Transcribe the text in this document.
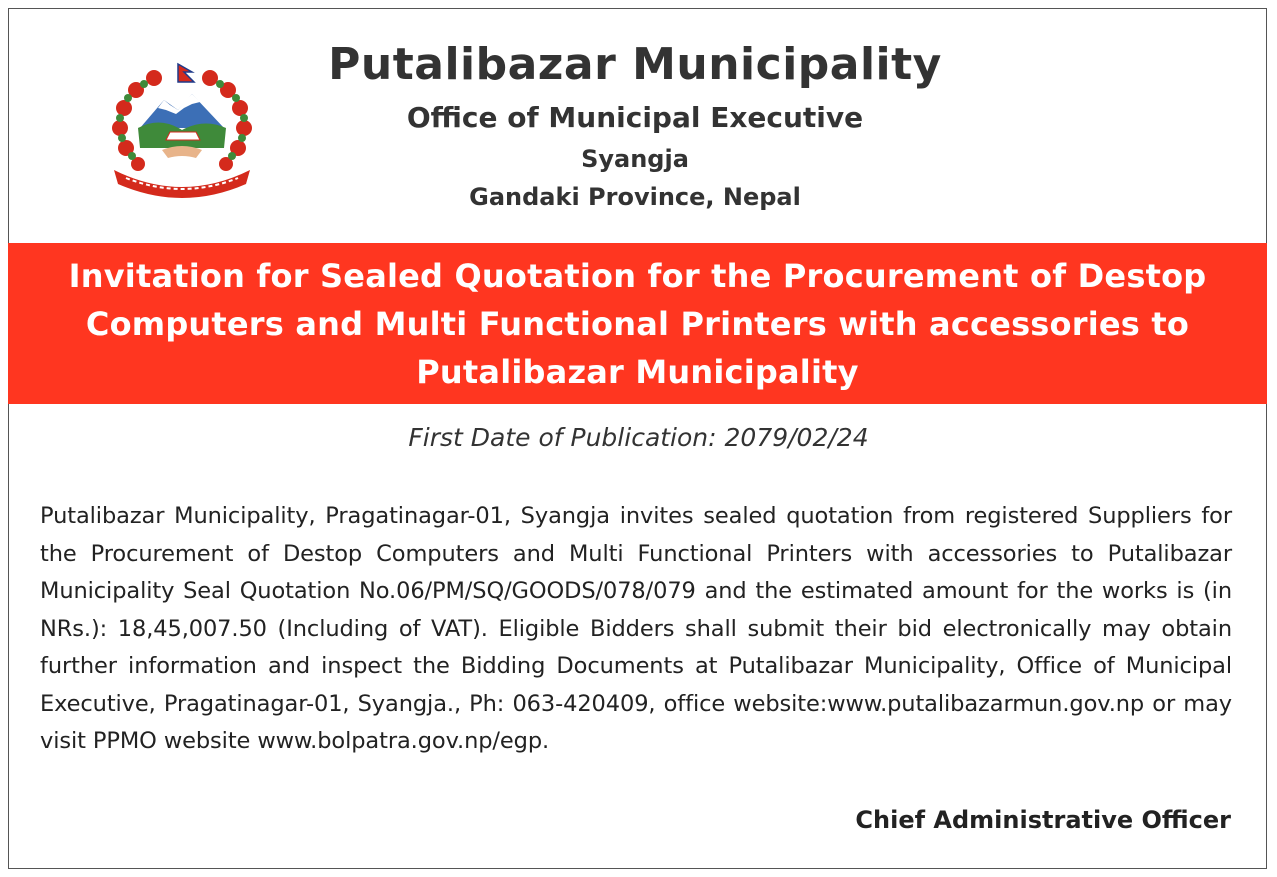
Putalibazar Municipality
Office of Municipal Executive
Syangja
Gandaki Province, Nepal
Invitation for Sealed Quotation for the Procurement of Destop Computers and Multi Functional Printers with accessories to Putalibazar Municipality
First Date of Publication: 2079/02/24
Putalibazar Municipality, Pragatinagar-01, Syangja invites sealed quotation from registered Suppliers for the Procurement of Destop Computers and Multi Functional Printers with accessories to Putalibazar Municipality Seal Quotation No.06/PM/SQ/GOODS/078/079 and the estimated amount for the works is (in NRs.): 18,45,007.50 (Including of VAT). Eligible Bidders shall submit their bid electronically may obtain further information and inspect the Bidding Documents at Putalibazar Municipality, Office of Municipal Executive, Pragatinagar-01, Syangja., Ph: 063-420409, office website:www.putalibazarmun.gov.np or may visit PPMO website www.bolpatra.gov.np/egp.
Chief Administrative Officer
